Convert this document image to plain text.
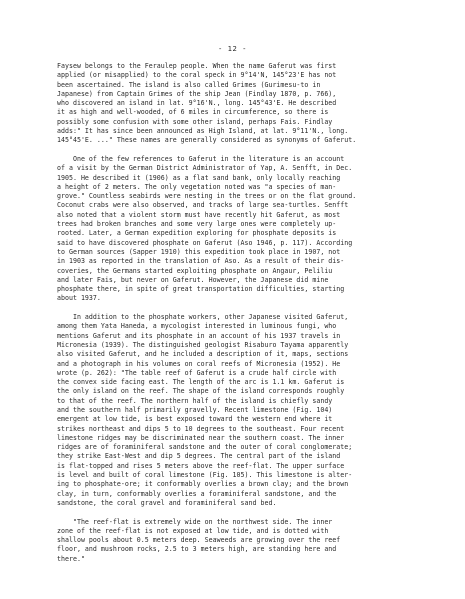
- 12 -
Faysew belongs to the Feraulep people. When the name Gaferut was first
applied (or misapplied) to the coral speck in 9°14'N, 145°23'E has not
been ascertained. The island is also called Grimes (Gurimesu-to in
Japanese) from Captain Grimes of the ship Jean (Findlay 1870, p. 766),
who discovered an island in lat. 9°16'N., long. 145°43'E. He described
it as high and well-wooded, of 6 miles in circumference, so there is
possibly some confusion with some other island, perhaps Fais. Findlay
adds:" It has since been announced as High Island, at lat. 9°11'N., long.
145°45'E. ..." These names are generally considered as synonyms of Gaferut.
One of the few references to Gaferut in the literature is an account
of a visit by the German District Administrator of Yap, A. Senfft, in Dec.
1905. He described it (1906) as a flat sand bank, only locally reaching
a height of 2 meters. The only vegetation noted was "a species of man-
grove." Countless seabirds were nesting in the trees or on the flat ground.
Coconut crabs were also observed, and tracks of large sea-turtles. Senfft
also noted that a violent storm must have recently hit Gaferut, as most
trees had broken branches and some very large ones were completely up-
rooted. Later, a German expedition exploring for phosphate deposits is
said to have discovered phosphate on Gaferut (Aso 1946, p. 117). According
to German sources (Sapper 1910) this expedition took place in 1907, not
in 1903 as reported in the translation of Aso. As a result of their dis-
coveries, the Germans started exploiting phosphate on Angaur, Peliliu
and later Fais, but never on Gaferut. However, the Japanese did mine
phosphate there, in spite of great transportation difficulties, starting
about 1937.
In addition to the phosphate workers, other Japanese visited Gaferut,
among them Yata Haneda, a mycologist interested in luminous fungi, who
mentions Gaferut and its phosphate in an account of his 1937 travels in
Micronesia (1939). The distinguished geologist Risaburo Tayama apparently
also visited Gaferut, and he included a description of it, maps, sections
and a photograph in his volumes on coral reefs of Micronesia (1952). He
wrote (p. 262): "The table reef of Gaferut is a crude half circle with
the convex side facing east. The length of the arc is 1.1 km. Gaferut is
the only island on the reef. The shape of the island corresponds roughly
to that of the reef. The northern half of the island is chiefly sandy
and the southern half primarily gravelly. Recent limestone (Fig. 104)
emergent at low tide, is best exposed toward the western end where it
strikes northeast and dips 5 to 10 degrees to the southeast. Four recent
limestone ridges may be discriminated near the southern coast. The inner
ridges are of foraminiferal sandstone and the outer of coral conglomerate;
they strike East-West and dip 5 degrees. The central part of the island
is flat-topped and rises 5 meters above the reef-flat. The upper surface
is level and built of coral limestone (Fig. 105). This limestone is alter-
ing to phosphate-ore; it conformably overlies a brown clay; and the brown
clay, in turn, conformably overlies a foraminiferal sandstone, and the
sandstone, the coral gravel and foraminiferal sand bed.
"The reef-flat is extremely wide on the northwest side. The inner
zone of the reef-flat is not exposed at low tide, and is dotted with
shallow pools about 0.5 meters deep. Seaweeds are growing over the reef
floor, and mushroom rocks, 2.5 to 3 meters high, are standing here and
there."
